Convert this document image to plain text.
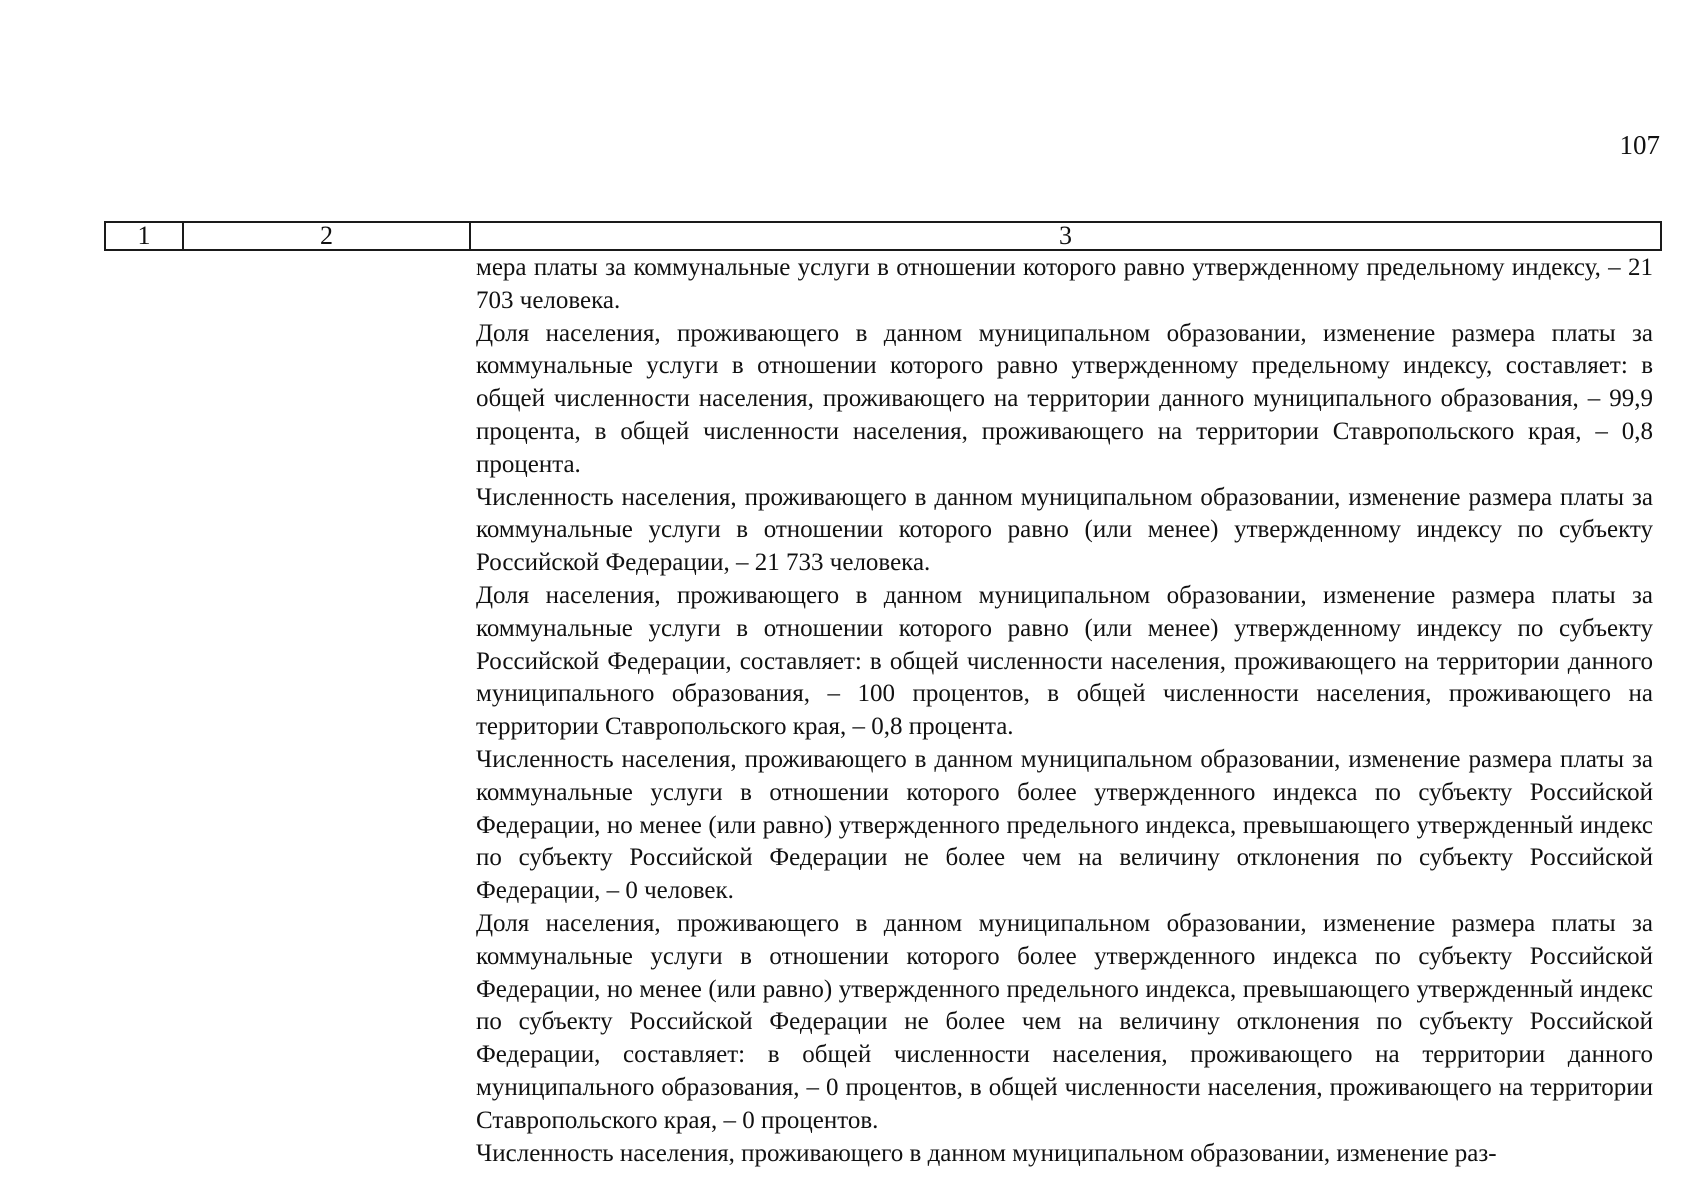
107
1	2	3

мера платы за коммунальные услуги в отношении которого равно утвержденному предельному индексу, – 21 703 человека.

Доля населения, проживающего в данном муниципальном образовании, изменение размера платы за коммунальные услуги в отношении которого равно утвержденному предельному индексу, составляет: в общей численности населения, проживающего на территории данного муниципального образования, – 99,9 процента, в общей численности населения, проживающего на территории Ставропольского края, – 0,8 процента.

Численность населения, проживающего в данном муниципальном образовании, изменение размера платы за коммунальные услуги в отношении которого равно (или менее) утвержденному индексу по субъекту Российской Федерации, – 21 733 человека.

Доля населения, проживающего в данном муниципальном образовании, изменение размера платы за коммунальные услуги в отношении которого равно (или менее) утвержденному индексу по субъекту Российской Федерации, составляет: в общей численности населения, проживающего на территории данного муниципального образования, – 100 процентов, в общей численности населения, проживающего на территории Ставропольского края, – 0,8 процента.

Численность населения, проживающего в данном муниципальном образовании, изменение размера платы за коммунальные услуги в отношении которого более утвержденного индекса по субъекту Российской Федерации, но менее (или равно) утвержденного предельного индекса, превышающего утвержденный индекс по субъекту Российской Федерации не более чем на величину отклонения по субъекту Российской Федерации, – 0 человек.

Доля населения, проживающего в данном муниципальном образовании, изменение размера платы за коммунальные услуги в отношении которого более утвержденного индекса по субъекту Российской Федерации, но менее (или равно) утвержденного предельного индекса, превышающего утвержденный индекс по субъекту Российской Федерации не более чем на величину отклонения по субъекту Российской Федерации, составляет: в общей численности населения, проживающего на территории данного муниципального образования, – 0 процентов, в общей численности населения, проживающего на территории Ставропольского края, – 0 процентов.

Численность населения, проживающего в данном муниципальном образовании, изменение раз-
